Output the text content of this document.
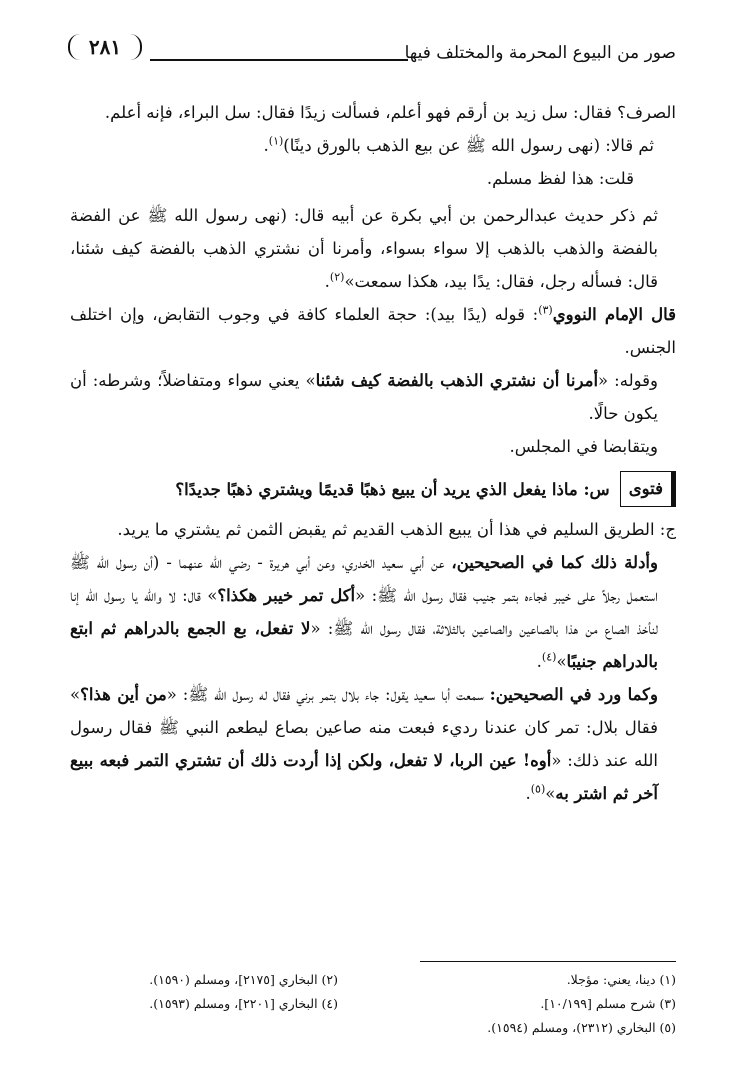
صور من البيوع المحرمة والمختلف فيها
٢٨١

الصرف؟ فقال: سل زيد بن أرقم فهو أعلم، فسألت زيدًا فقال: سل البراء، فإنه أعلم.

ثم قالا: (نهى رسول الله ﷺ عن بيع الذهب بالورق دينًا)$^{(١)}$.

قلت: هذا لفظ مسلم.

ثم ذكر حديث عبدالرحمن بن أبي بكرة عن أبيه قال: (نهى رسول الله ﷺ عن الفضة بالفضة والذهب بالذهب إلا سواء بسواء، وأمرنا أن نشتري الذهب بالفضة كيف شئنا، قال: فسأله رجل، فقال: يدًا بيد، هكذا سمعت»$^{(٢)}$.

قال الإمام النووي$^{(٣)}$: قوله (يدًا بيد): حجة العلماء كافة في وجوب التقابض، وإن اختلف الجنس.

وقوله: «أمرنا أن نشتري الذهب بالفضة كيف شئنا» يعني سواء ومتفاضلاً؛ وشرطه: أن يكون حالًا.

ويتقابضا في المجلس.

فتوى
س: ماذا يفعل الذي يريد أن يبيع ذهبًا قديمًا ويشتري ذهبًا جديدًا؟

ج: الطريق السليم في هذا أن يبيع الذهب القديم ثم يقبض الثمن ثم يشتري ما يريد.

وأدلة ذلك كما في الصحيحين، عن أبي سعيد الخدري، وعن أبي هريرة - رضي الله عنهما - (أن رسول الله ﷺ استعمل رجلاً على خيبر فجاءه بتمر جنيب فقال رسول الله ﷺ: «أكل تمر خيبر هكذا؟» قال: لا والله يا رسول الله إنا لنأخذ الصاع من هذا بالصاعين والصاعين بالثلاثة، فقال رسول الله ﷺ: «لا تفعل، بع الجمع بالدراهم ثم ابتع بالدراهم جنيبًا»$^{(٤)}$.

وكما ورد في الصحيحين: سمعت أبا سعيد يقول: جاء بلال بتمر برني فقال له رسول الله ﷺ: «من أين هذا؟» فقال بلال: تمر كان عندنا رديء فبعت منه صاعين بصاع ليطعم النبي ﷺ فقال رسول الله عند ذلك: «أوه! عين الربا، لا تفعل، ولكن إذا أردت ذلك أن تشتري التمر فبعه ببيع آخر ثم اشتر به»$^{(٥)}$.

(١) دينا، يعني: مؤجلا.
(٢) البخاري [٢١٧٥]، ومسلم (١٥٩٠).
(٣) شرح مسلم [١٠/١٩٩].
(٤) البخاري [٢٢٠١]، ومسلم (١٥٩٣).
(٥) البخاري (٢٣١٢)، ومسلم (١٥٩٤).
